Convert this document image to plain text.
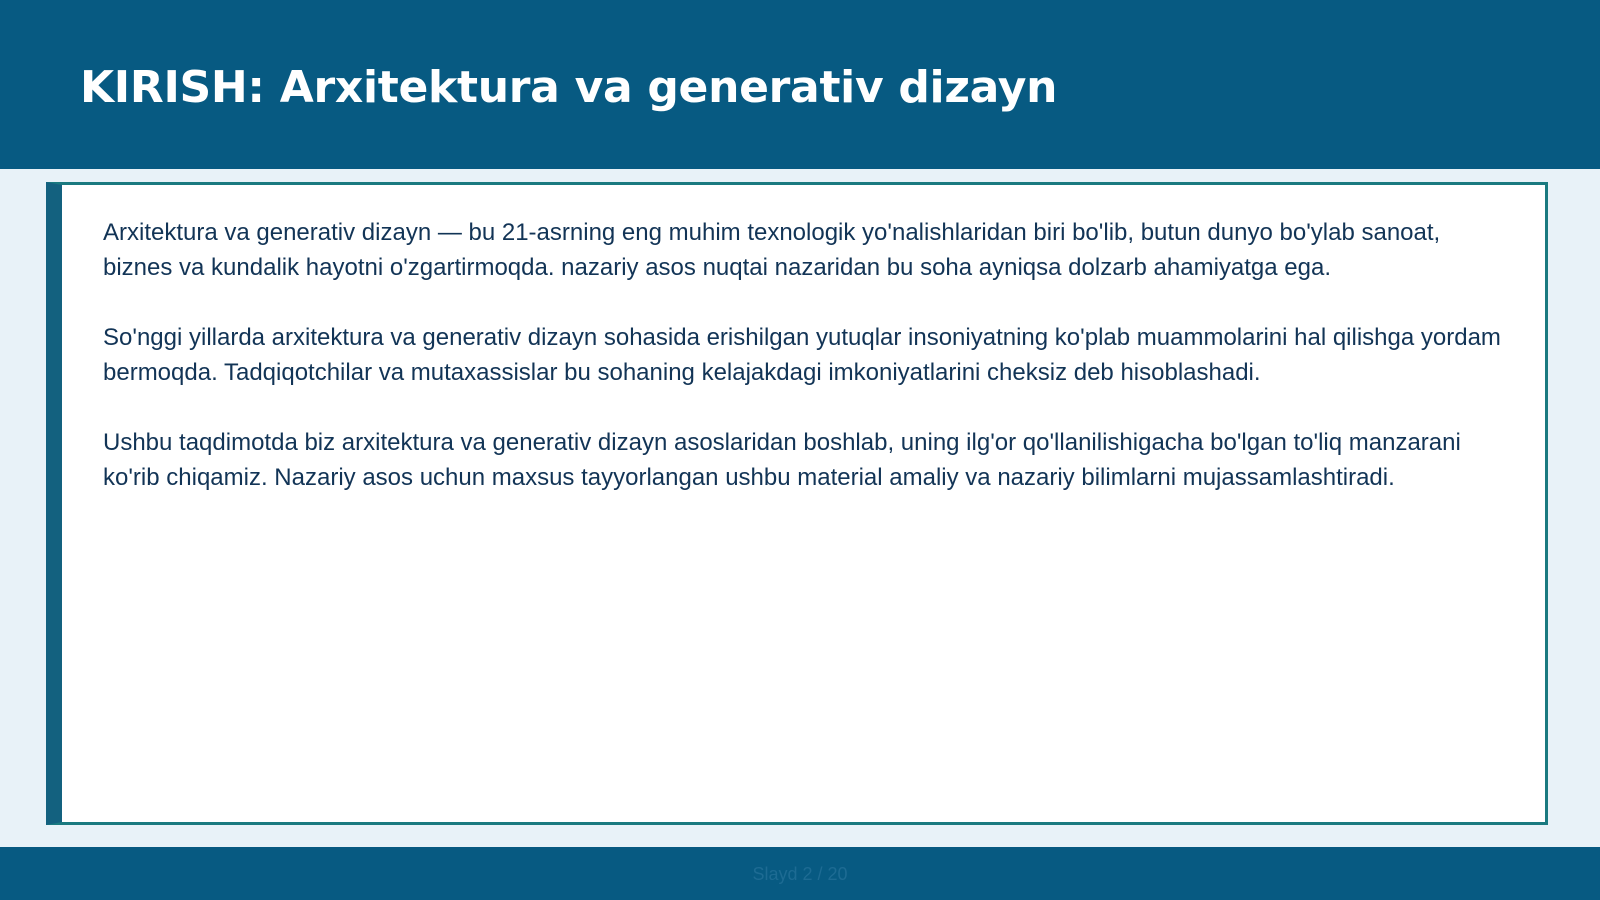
KIRISH: Arxitektura va generativ dizayn

Arxitektura va generativ dizayn — bu 21-asrning eng muhim texnologik yo'nalishlaridan biri bo'lib, butun dunyo bo'ylab sanoat, biznes va kundalik hayotni o'zgartirmoqda. nazariy asos nuqtai nazaridan bu soha ayniqsa dolzarb ahamiyatga ega.

So'nggi yillarda arxitektura va generativ dizayn sohasida erishilgan yutuqlar insoniyatning ko'plab muammolarini hal qilishga yordam bermoqda. Tadqiqotchilar va mutaxassislar bu sohaning kelajakdagi imkoniyatlarini cheksiz deb hisoblashadi.

Ushbu taqdimotda biz arxitektura va generativ dizayn asoslaridan boshlab, uning ilg'or qo'llanilishigacha bo'lgan to'liq manzarani ko'rib chiqamiz. Nazariy asos uchun maxsus tayyorlangan ushbu material amaliy va nazariy bilimlarni mujassamlashtiradi.

Slayd 2 / 20
